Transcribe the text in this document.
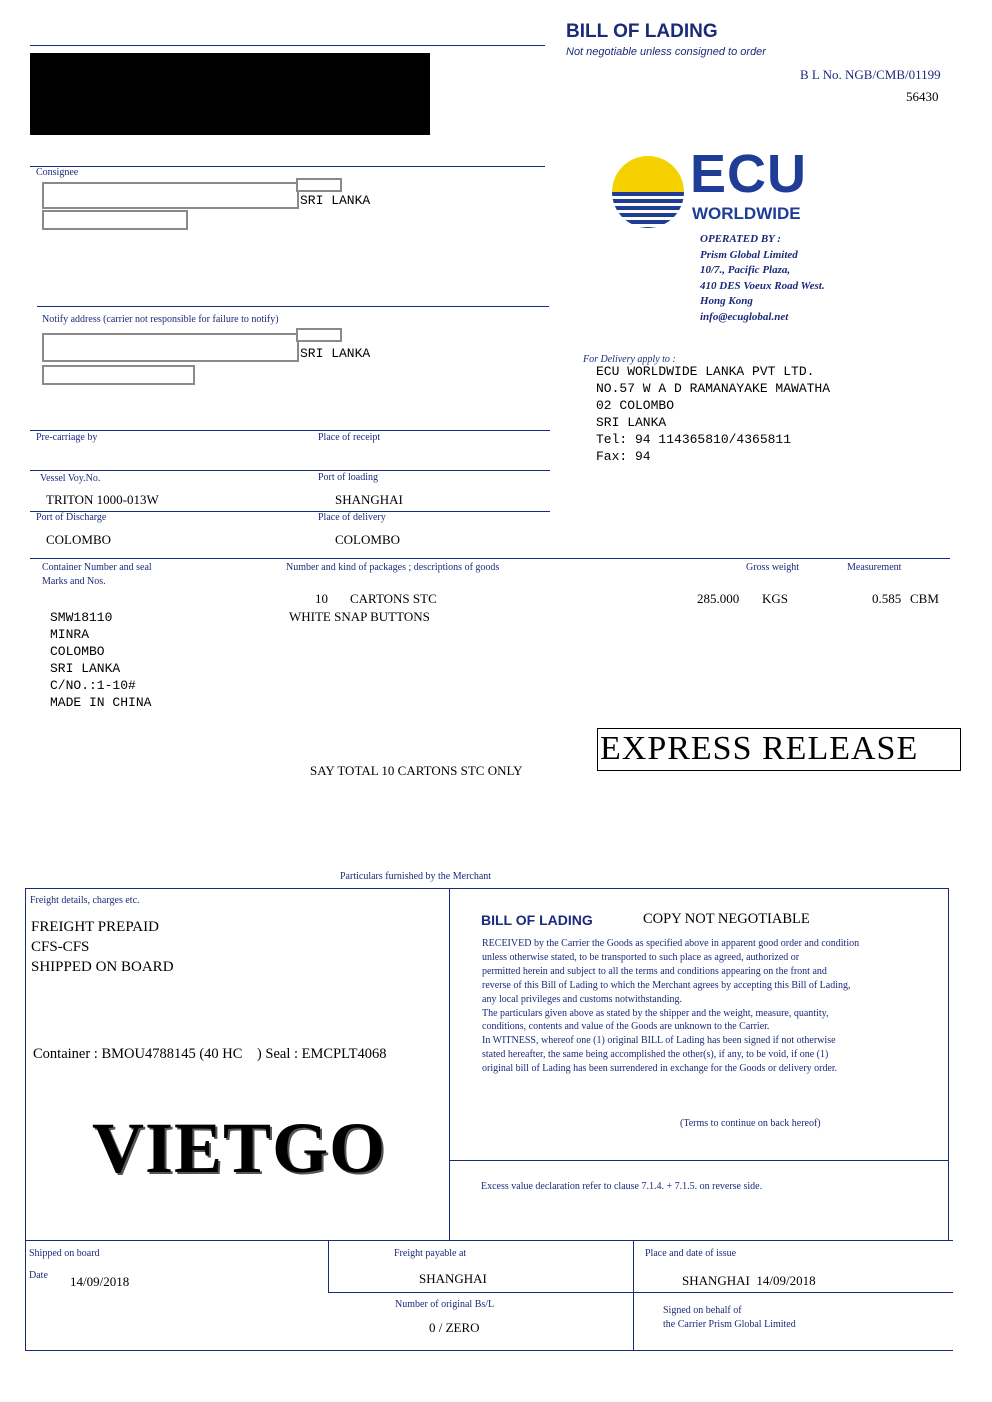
BILL OF LADING
Not negotiable unless consigned to order
B L No. NGB/CMB/01199
56430
ECU
WORLDWIDE
OPERATED BY :
Prism Global Limited
10/7., Pacific Plaza,
410 DES Voeux Road West.
Hong Kong
info@ecuglobal.net
Consignee
SRI LANKA
Notify address (carrier not responsible for failure to notify)
SRI LANKA	For Delivery apply to :
ECU WORLDWIDE LANKA PVT LTD.
NO.57 W A D RAMANAYAKE MAWATHA
02 COLOMBO
SRI LANKA
Tel: 94 114365810/4365811
Fax: 94
Pre-carriage by	Place of receipt
Vessel Voy.No.	Port of loading
TRITON 1000-013W	SHANGHAI
Port of Discharge	Place of delivery
COLOMBO	COLOMBO
Container Number and seal
Marks and Nos.
Number and kind of packages ; descriptions of goods	Gross weight	Measurement
10 CARTONS STC
WHITE SNAP BUTTONS
285.000 KGS	0.585 CBM
SMW18110
MINRA
COLOMBO
SRI LANKA
C/NO.:1-10#
MADE IN CHINA
EXPRESS RELEASE
SAY TOTAL 10 CARTONS STC ONLY
Particulars furnished by the Merchant
Freight details, charges etc.
FREIGHT PREPAID
CFS-CFS
SHIPPED ON BOARD
Container : BMOU4788145 (40 HC    ) Seal : EMCPLT4068
VIETGO
BILL OF LADING	COPY NOT NEGOTIABLE

RECEIVED by the Carrier the Goods as specified above in apparent good order and condition

unless otherwise stated, to be transported to such place as agreed, authorized or

permitted herein and subject to all the terms and conditions appearing on the front and

reverse of this Bill of Lading to which the Merchant agrees by accepting this Bill of Lading,

any local privileges and customs notwithstanding.

The particulars given above as stated by the shipper and the weight, measure, quantity,

conditions, contents and value of the Goods are unknown to the Carrier.

In WITNESS, whereof one (1) original BILL of Lading has been signed if not otherwise

stated hereafter, the same being accomplished the other(s), if any, to be void, if one (1)

original bill of Lading has been surrendered in exchange for the Goods or delivery order.

(Terms to continue on back hereof)
Excess value declaration refer to clause 7.1.4. + 7.1.5. on reverse side.
Shipped on board
Date 14/09/2018
Freight payable at
SHANGHAI
Number of original Bs/L
0 / ZERO
Place and date of issue
SHANGHAI  14/09/2018
Signed on behalf of
the Carrier Prism Global Limited
